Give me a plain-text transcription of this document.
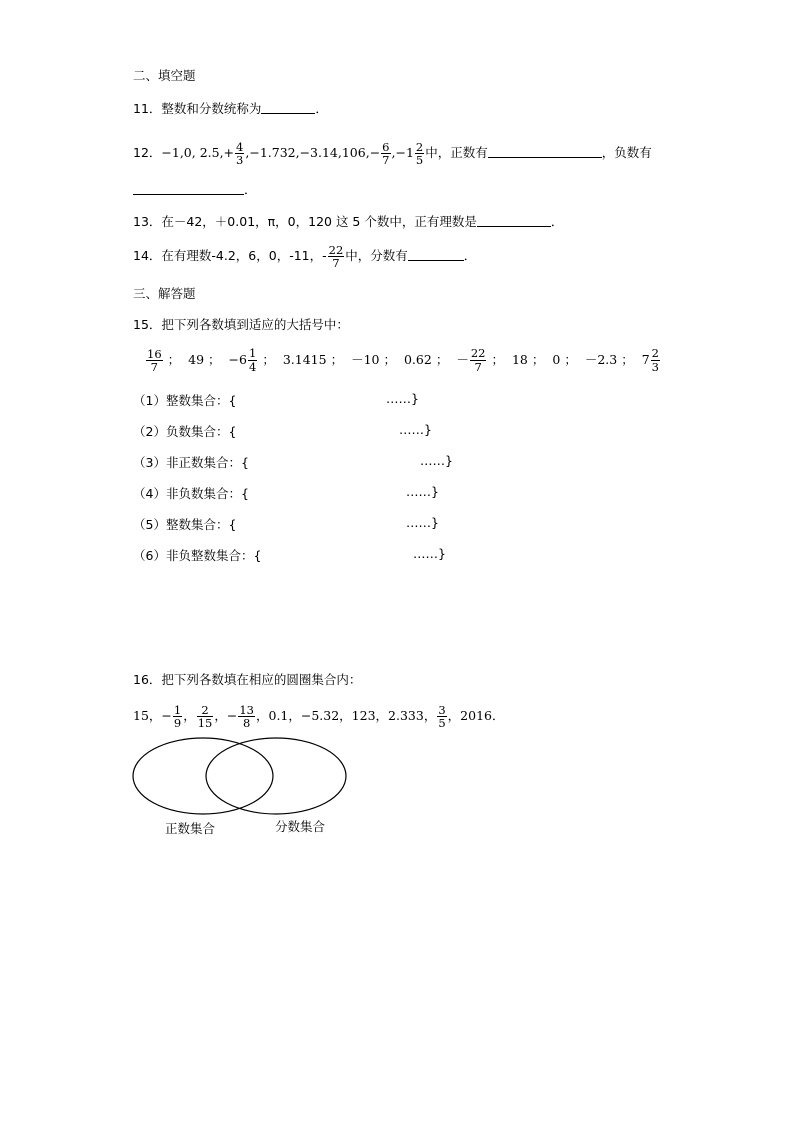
二、填空题
11．整数和分数统称为	．
12．−1,0, $2.5,+ \frac{4}{3} ,-1.732,-3.14,106,- \frac{6}{7} ,-1 \frac{2}{5}$ 中，正数有	，负数有
．
13．在－42，＋0.01，π，0，120 这 5 个数中，正有理数是	．
14．在有理数-4.2，6，0，-11，- $\frac{22}{7}$ 中，分数有	．
三、解答题
15．把下列各数填到适应的大括号中：
$\frac{16}{7}$ ； 49 ； $-6 \frac{1}{4}$ ； 3.1415 ； －10 ； 0.62 ； － $\frac{22}{7}$ ； 18 ； 0 ； －2.3 ； $7 \frac{2}{3}$
（1）整数集合：{	……}
（2）负数集合：{	……}
（3）非正数集合：{	……}
（4）非负数集合：{	……}
（5）整数集合：{	……}
（6）非负整数集合：{	……}
16．把下列各数填在相应的圆圈集合内：
15，− $\frac{1}{9}$ ， $\frac{2}{15}$ ，− $\frac{13}{8}$ ，0.1，−5.32，123，2.333， $\frac{3}{5}$ ，2016．
正数集合	分数集合
